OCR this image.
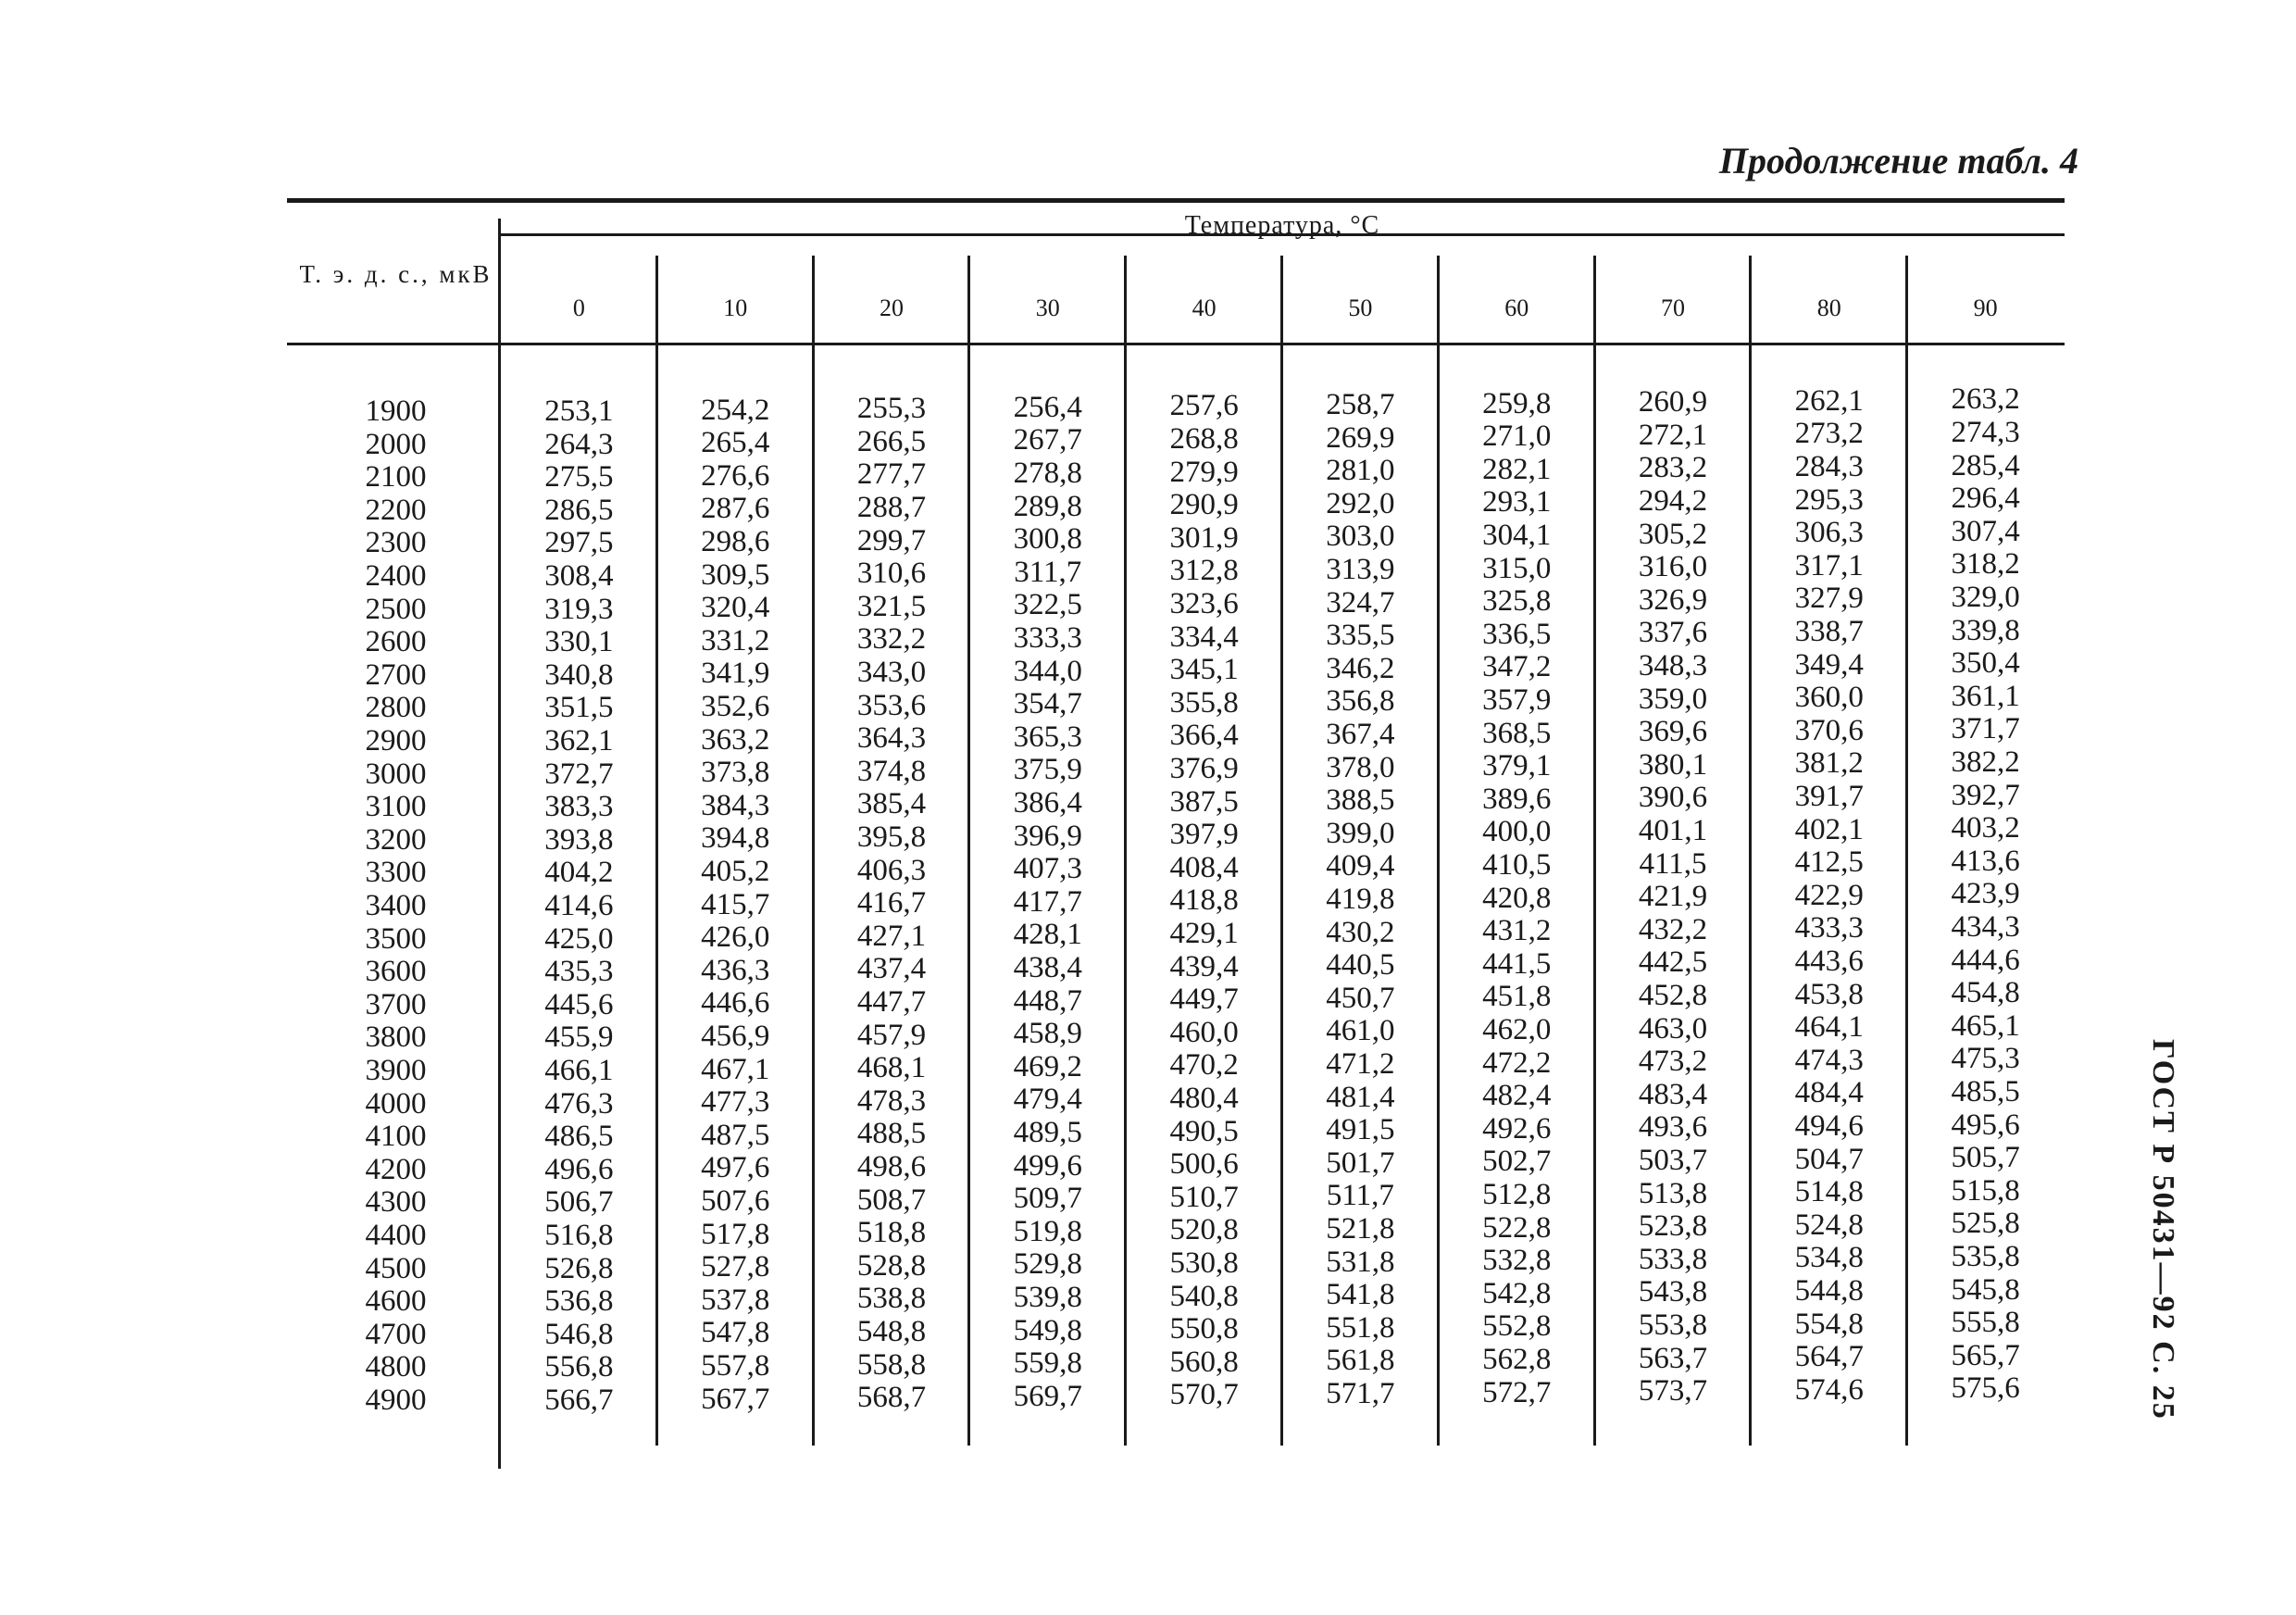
Продолжение табл. 4
Температура, °С
Т. э. д. с., мкВ
0	10	20	30	40	50	60	70	80	90
1900	253,1	254,2	255,3	256,4	257,6	258,7	259,8	260,9	262,1	263,2
2000	264,3	265,4	266,5	267,7	268,8	269,9	271,0	272,1	273,2	274,3
2100	275,5	276,6	277,7	278,8	279,9	281,0	282,1	283,2	284,3	285,4
2200	286,5	287,6	288,7	289,8	290,9	292,0	293,1	294,2	295,3	296,4
2300	297,5	298,6	299,7	300,8	301,9	303,0	304,1	305,2	306,3	307,4
2400	308,4	309,5	310,6	311,7	312,8	313,9	315,0	316,0	317,1	318,2
2500	319,3	320,4	321,5	322,5	323,6	324,7	325,8	326,9	327,9	329,0
2600	330,1	331,2	332,2	333,3	334,4	335,5	336,5	337,6	338,7	339,8
2700	340,8	341,9	343,0	344,0	345,1	346,2	347,2	348,3	349,4	350,4
2800	351,5	352,6	353,6	354,7	355,8	356,8	357,9	359,0	360,0	361,1
2900	362,1	363,2	364,3	365,3	366,4	367,4	368,5	369,6	370,6	371,7
3000	372,7	373,8	374,8	375,9	376,9	378,0	379,1	380,1	381,2	382,2
3100	383,3	384,3	385,4	386,4	387,5	388,5	389,6	390,6	391,7	392,7
3200	393,8	394,8	395,8	396,9	397,9	399,0	400,0	401,1	402,1	403,2
3300	404,2	405,2	406,3	407,3	408,4	409,4	410,5	411,5	412,5	413,6
3400	414,6	415,7	416,7	417,7	418,8	419,8	420,8	421,9	422,9	423,9
3500	425,0	426,0	427,1	428,1	429,1	430,2	431,2	432,2	433,3	434,3
3600	435,3	436,3	437,4	438,4	439,4	440,5	441,5	442,5	443,6	444,6
3700	445,6	446,6	447,7	448,7	449,7	450,7	451,8	452,8	453,8	454,8
3800	455,9	456,9	457,9	458,9	460,0	461,0	462,0	463,0	464,1	465,1
3900	466,1	467,1	468,1	469,2	470,2	471,2	472,2	473,2	474,3	475,3
4000	476,3	477,3	478,3	479,4	480,4	481,4	482,4	483,4	484,4	485,5
4100	486,5	487,5	488,5	489,5	490,5	491,5	492,6	493,6	494,6	495,6
4200	496,6	497,6	498,6	499,6	500,6	501,7	502,7	503,7	504,7	505,7
4300	506,7	507,6	508,7	509,7	510,7	511,7	512,8	513,8	514,8	515,8
4400	516,8	517,8	518,8	519,8	520,8	521,8	522,8	523,8	524,8	525,8
4500	526,8	527,8	528,8	529,8	530,8	531,8	532,8	533,8	534,8	535,8
4600	536,8	537,8	538,8	539,8	540,8	541,8	542,8	543,8	544,8	545,8
4700	546,8	547,8	548,8	549,8	550,8	551,8	552,8	553,8	554,8	555,8
4800	556,8	557,8	558,8	559,8	560,8	561,8	562,8	563,7	564,7	565,7
4900	566,7	567,7	568,7	569,7	570,7	571,7	572,7	573,7	574,6	575,6	ГОСТ Р 50431—92 С. 25
